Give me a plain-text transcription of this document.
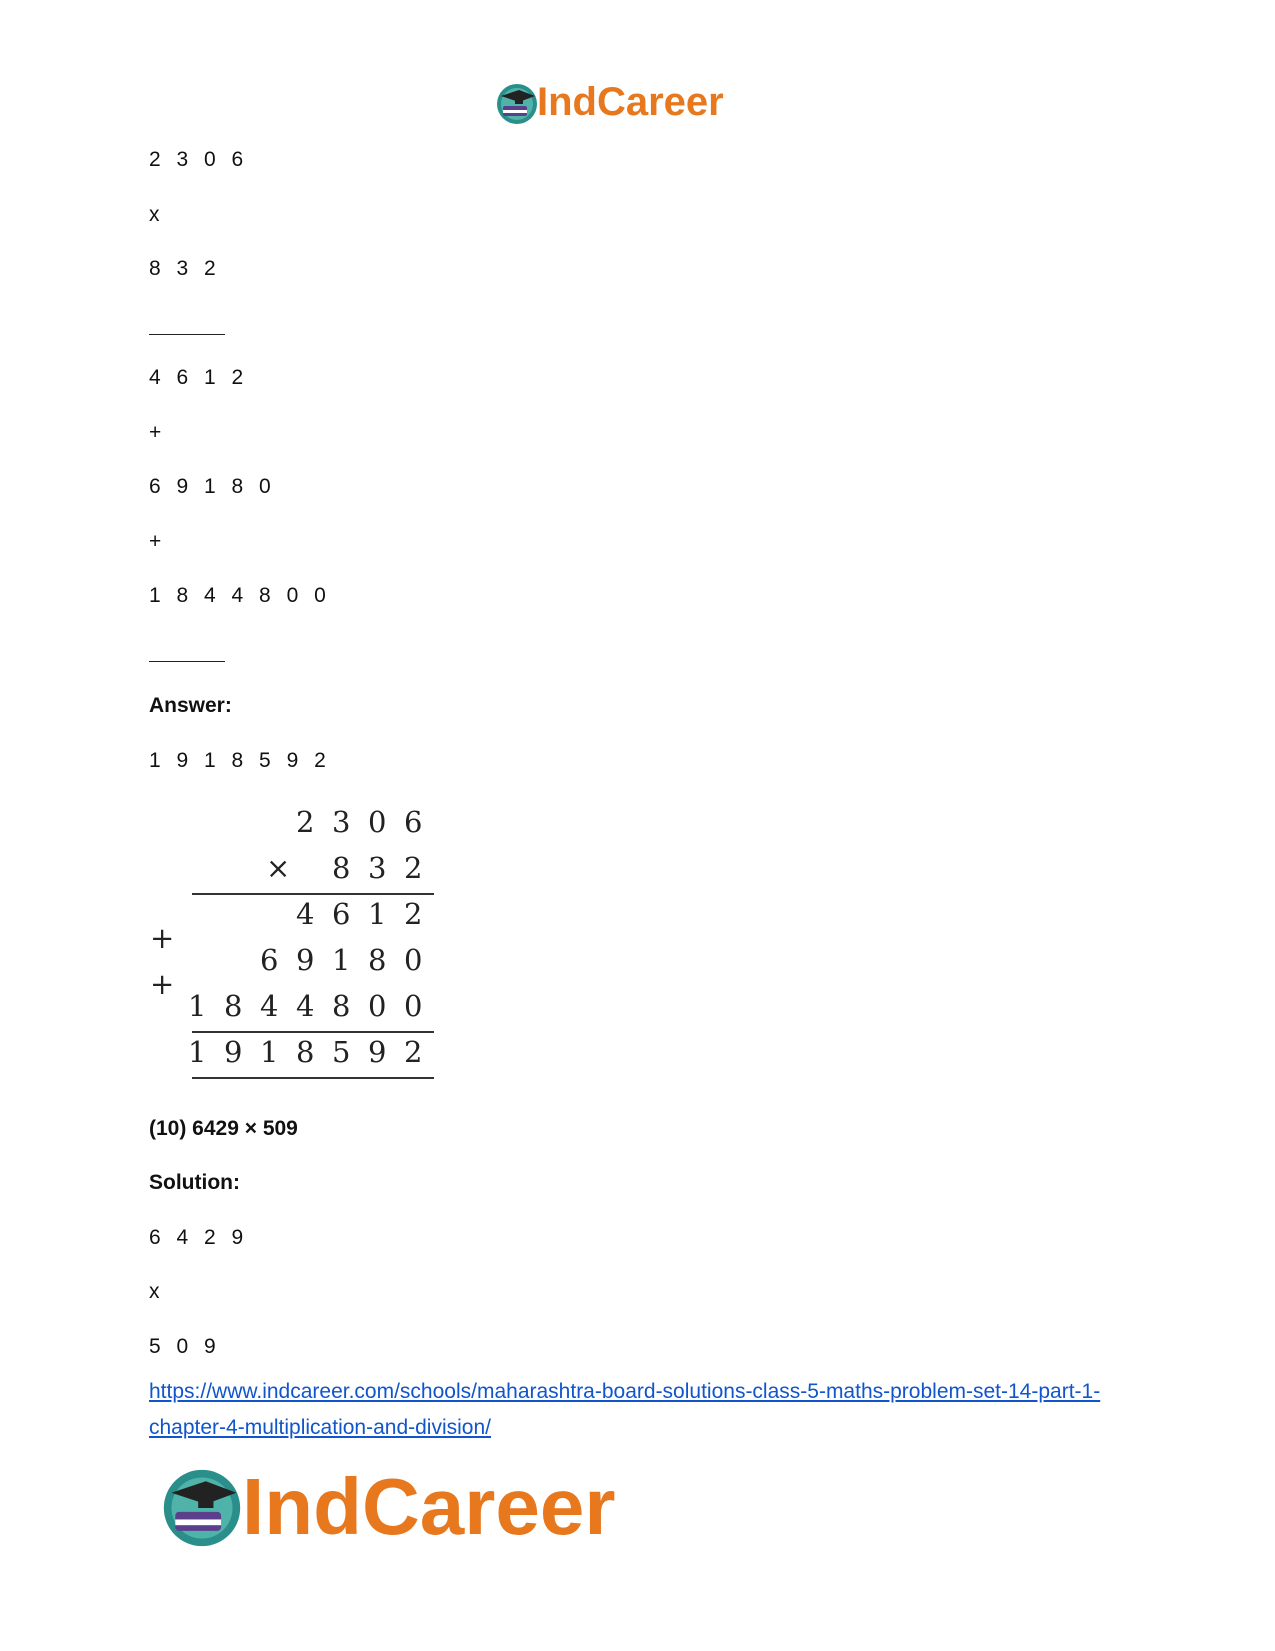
IndCareer
2 3 0 6
x
8 3 2
4 6 1 2
+
6 9 1 8 0
+
1 8 4 4 8 0 0
Answer:
1 9 1 8 5 9 2
2 3 0 6
× 8 3 2
4 6 1 2
+
6 9 1 8 0
+
1 8 4 4 8 0 0
1 9 1 8 5 9 2
(10) 6429 × 509
Solution:
6 4 2 9
x
5 0 9
https://www.indcareer.com/schools/maharashtra-board-solutions-class-5-maths-problem-set-14-part-1-chapter-4-multiplication-and-division/
IndCareer
